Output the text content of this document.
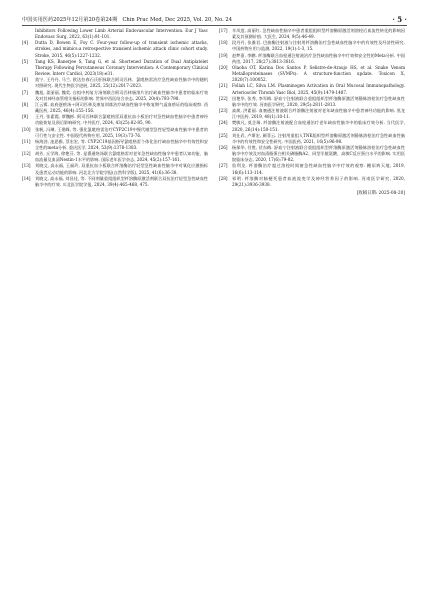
中国实用医药2025年12月第20卷第24期　Chin Prac Med, Dec 2025, Vol. 20, No. 24	· 5 ·
Inhibitors Following Lower Limb Arterial Endovascular Intervention. Eur J Vasc Endovasc Surg, 2022, 63(1):91-101.
[4]	Dutta D, Bowen E, Foy C. Four-year follow-up of transient ischemic attacks, strokes, and mimics:a retrospective transient ischemic attack clinic cohort study. Stroke, 2015, 46(5):1227-1232.
[5]	Tang KS, Banerjee S, Tang G, et al. Shortened Duration of Dual Antiplatelet Therapy Following Percutaneous Coronary Intervention: A Contemporary Clinical Review. Interv Cardiol, 2023(18):e31.
[6]	莫宁, 王丹丹, 马兰, 欧达拉春石氏肝脉联合阿司匹林、氯吡格雷治疗急性缺血性脑卒中的随机对照研究. 现代生物医学进展, 2025, 25(12):2017-2023.
[7]	魏旭, 姜丽丽, 魏奖. 自拟中药复方汤剂联合阿司匹林肠溶片治疗缺血性脑卒中患者的临床疗效及对其神经血管相关指标的影响. 世界中西医结合杂志, 2025, 20(4):793-798.
[8]	江云雾. 血府逐瘀汤＋阿司匹林及康复训练治疗缺血性脑卒中恢复期气虚血瘀证的临床观察. 西藏医药, 2025, 46(4):155-156.
[9]	王丹, 张素霞, 覃魏彬. 阿司匹林联合氯吡格雷双重抗血小板治疗对急性缺血性脑卒中患者神经功能恢复及预后影响研究. 中外医疗, 2024, 43(25):82-85, 90.
[10]	张帆, 冯琳, 王建峰, 等. 强化氯吡格雷治疗CYP2C19中慢代谢型急性轻型缺血性脑卒中患者的可行性与安全性. 中国现代药物应用, 2025, 19(3):73-76.
[11]	杨海劲, 池思雅, 蔡宏宏, 等. CYP2C19基因指导氯吡格雷个体化治疗缺血性脑卒中有效性和安全性的meta分析. 重庆医学, 2024, 53(9):1378-1383.
[12]	胡芳, 丘学海, 徐艳芬, 等. 是番通络汤联合氯吡格雷对老年急性缺血性脑卒中患者认知功能、脑血流量及血清Nestin-1水平的影响. 国际老年医学杂志, 2024, 45(2):157-161.
[13]	刘晓文, 高永福, 王福玲, 双重抗血小板联合纤溶酶治疗轻型急性缺血性脑卒中对氧化应激指标及患者运动功能的影响. 河北北方学院学报(自然科学版), 2025, 41(6):36-38.
[14]	刘晓文, 高永福, 刘昌佳, 等. 不同剂量重组组织型纤溶酶原激活剂联合双抗治疗轻型急性缺血性脑卒中的疗效. 川北医学院学报, 2024, 39(4):465-468, 475.
[17]	辛凤莲, 高丽红. 急性缺血性脑卒中患者重组组织型纤溶酶原激活剂溶栓后血流性转化的影响因素及其预测价值. 大医生, 2024, 9(5):46-49.
[18]	段丹丹, 张雅君. 巴曲酶注射液与注射用纤溶酶治疗急性缺血性脑卒中的有效性及经济性研究. 中国药物应用与监测, 2022, 19(1):1-3, 15.
[19]	赵梦嘉, 李鹏. 纤溶酶联合血栓通注射液治疗急性缺血性脑卒中疗效和安全性的Meta分析. 中国药房, 2017, 28(27):3813-3816.
[20]	Olaoba OT, Karina Dos Santos P, Selistre-de-Araujo HS, et al. Snake Venom Metalloproteinases (SVMPs): A structure-function update. Toxicon X, 2020(7):100052.
[21]	Follah LC, Silva LM. Plasminogen Activation in Oral Mucosal Immunopathology. Arterioscler Thromb Vasc Biol, 2025, 45(9):1479-1487.
[22]	田艳华, 张秀, 李军梅. 舒血宁注射液联合重组组织型纤溶酶原激活剂静脉溶栓治疗急性缺血性脑卒中的疗效. 河南医学研究, 2020, 29(5):2811-2813.
[23]	高焕, 洪素丽. 血塞通注射液联合纤溶酶注射液对老年缺血性脑卒中患者神经功能的影响. 黑龙江中医药, 2019, 48(1):10-11.
[24]	樊敏凡, 莫芷瑞. 纤溶酶注射液配合血栓通治疗老年缺血性脑卒中的临床疗效分析. 当代医学, 2020, 26(14):150-151.
[25]	刘仕武, 卢斯宏, 颜菲云. 注射用重组人TNK组织型纤溶酶原激活剂静脉溶栓治疗急性缺血性脑卒中的有效性和安全性研究. 中国医药, 2021, 16(5):96-98.
[26]	杨保华, 付胜, 伏东梅. 舒血宁注射液联合重组组织型纤溶酶原激活剂静脉溶栓治疗急性缺血性脑卒中疗效及对血清脂蛋白相关磷脂酶A2、同型半胱氨酸、高敏C反应蛋白水平的影响. 实用医院临床杂志, 2020, 17(6):79-82.
[27]	詹利龙. 纤溶酶治疗超过溶栓时间窗急性缺血性脑卒中疗效的观察. 糖尿病天地, 2019, 16(6):113-114.
[28]	祁明. 纤溶酶对脑梗死患者血液流变学及神经营养因子的影响. 河南医学研究, 2020, 29(21):3936-3938.
[收稿日期: 2025-08-20]
